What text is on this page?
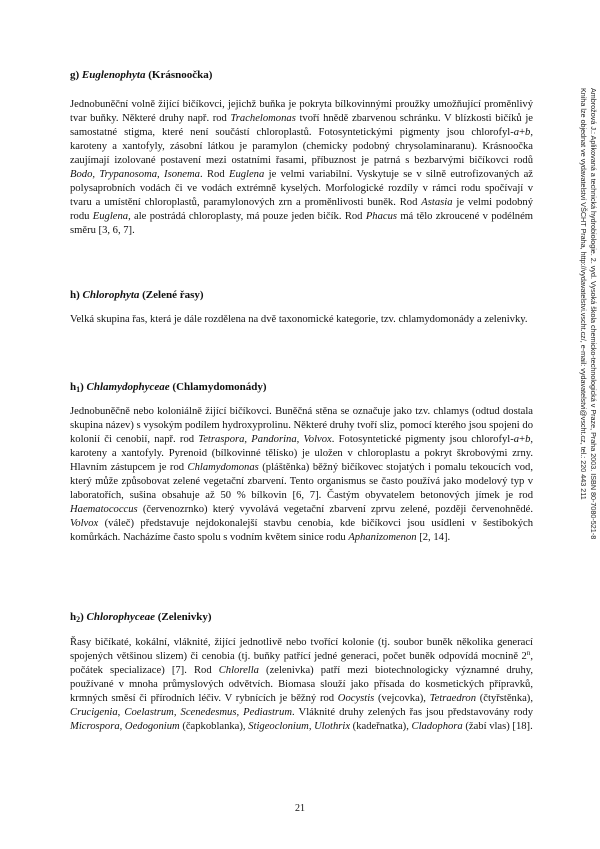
g) Euglenophyta (Krásnoočka)

Jednobuněční volně žijící bičíkovci, jejichž buňka je pokryta bílkovinnými proužky umožňující proměnlivý tvar buňky. Některé druhy např. rod Trachelomonas tvoří hnědě zbarvenou schránku. V blízkosti bičíků je samostatné stigma, které není součástí chloroplastů. Fotosyntetickými pigmenty jsou chlorofyl-a+b, karoteny a xantofyly, zásobní látkou je paramylon (chemicky podobný chrysolaminaranu). Krásnoočka zaujímají izolované postavení mezi ostatními řasami, příbuznost je patrná s bezbarvými bičíkovci rodů Bodo, Trypanosoma, Isonema. Rod Euglena je velmi variabilní. Vyskytuje se v silně eutrofizovaných až polysaprobních vodách či ve vodách extrémně kyselých. Morfologické rozdíly v rámci rodu spočívají v tvaru a umístění chloroplastů, paramylonových zrn a proměnlivosti buněk. Rod Astasia je velmi podobný rodu Euglena, ale postrádá chloroplasty, má pouze jeden bičík. Rod Phacus má tělo zkroucené v podélném směru [3, 6, 7].

h) Chlorophyta (Zelené řasy)

Velká skupina řas, která je dále rozdělena na dvě taxonomické kategorie, tzv. chlamydomonády a zelenivky.

$h_1$) Chlamydophyceae (Chlamydomonády)

Jednobuněčně nebo koloniálně žijící bičíkovci. Buněčná stěna se označuje jako tzv. chlamys (odtud dostala skupina název) s vysokým podílem hydroxyprolinu. Některé druhy tvoří sliz, pomocí kterého jsou spojeni do kolonií či cenobií, např. rod Tetraspora, Pandorina, Volvox. Fotosyntetické pigmenty jsou chlorofyl-a+b, karoteny a xantofyly. Pyrenoid (bílkovinné tělísko) je uložen v chloroplastu a pokryt škrobovými zrny. Hlavním zástupcem je rod Chlamydomonas (pláštěnka) běžný bičíkovec stojatých i pomalu tekoucích vod, který může způsobovat zelené vegetační zbarvení. Tento organismus se často používá jako modelový typ v laboratořích, sušina obsahuje až 50 % bílkovin [6, 7]. Častým obyvatelem betonových jímek je rod Haematococcus (červenozrnko) který vyvolává vegetační zbarvení zprvu zelené, později červenohnědé. Volvox (váleč) představuje nejdokonalejší stavbu cenobia, kde bičíkovci jsou usídleni v šestibokých komůrkách. Nacházíme často spolu s vodním květem sinice rodu Aphanizomenon [2, 14].

$h_2$) Chlorophyceae (Zelenivky)

Řasy bičíkaté, kokální, vláknité, žijící jednotlivě nebo tvořící kolonie (tj. soubor buněk několika generací spojených většinou slizem) či cenobia (tj. buňky patřící jedné generaci, počet buněk odpovídá mocnině 2$^n$, počátek specializace) [7]. Rod Chlorella (zelenivka) patří mezi biotechnologicky významné druhy, používané v mnoha průmyslových odvětvích. Biomasa slouží jako přísada do kosmetických přípravků, krmných směsí či přírodních léčiv. V rybnících je běžný rod Oocystis (vejcovka), Tetraedron (čtyřstěnka), Crucigenia, Coelastrum, Scenedesmus, Pediastrum. Vláknité druhy zelených řas jsou představovány rody Microspora, Oedogonium (čapkoblanka), Stigeoclonium, Ulothrix (kadeřnatka), Cladophora (žabí vlas) [18].

21
Ambrožová J.: Aplikovaná a technická hydrobiologie. 2. vyd. Vysoká škola chemicko-technologická v Praze, Praha 2003. ISBN 80-7080-521-8
Kniha lze objednat ve vydavatelství VŠCHT Praha, http://vydavatelstvi.vscht.cz/, e-mail: vydavatelstvi@vscht.cz, tel.: 220 443 211
